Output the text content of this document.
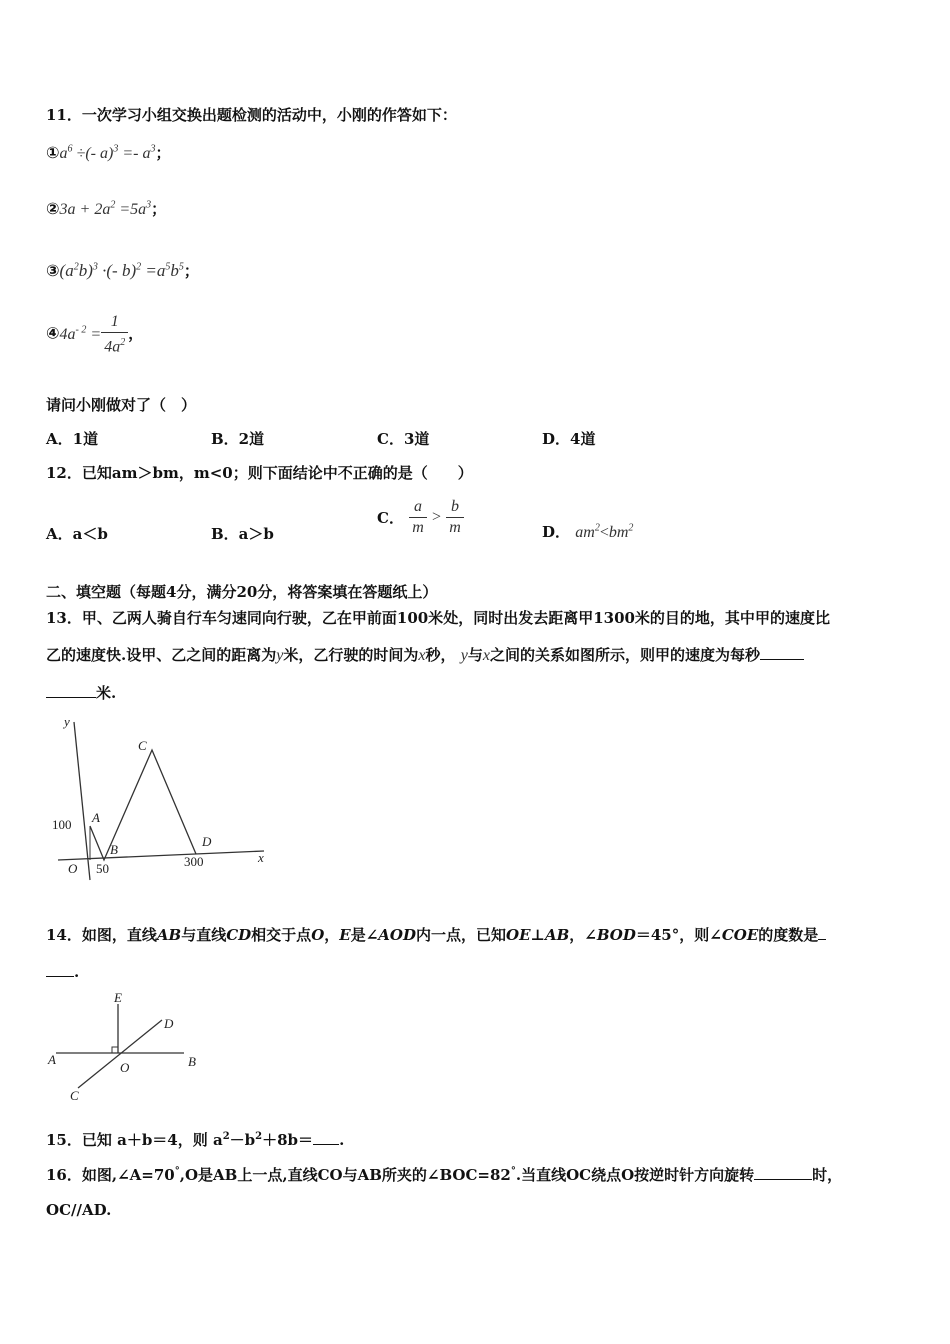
11．一次学习小组交换出题检测的活动中，小刚的作答如下：
$①a^6$ ÷(- $a)^3 =- a^3$；
②3a + $2a^2 =5a^3$；
$③(a^2b)^3$ ·(- $b)^2 =a^5b^5$；
$④4a^{- 2} = \frac{1}{4a^2}$ ，
请问小刚做对了（　）
A．1道	B．2道	C．3道	D．4道
12．已知am＞bm，m<0；则下面结论中不正确的是（　　）
A．a＜b	B．a＞b
C． $\frac{a}{m} > \frac{b}{m}$	D． $am^2<bm^2$
二、填空题（每题4分，满分20分，将答案填在答题纸上）
13．甲、乙两人骑自行车匀速同向行驶，乙在甲前面100米处，同时出发去距离甲1300米的目的地，其中甲的速度比
乙的速度快.设甲、乙之间的距离为y米，乙行驶的时间为x秒， y与x之间的关系如图所示，则甲的速度为每秒
米.
y
x
A
B
C
D
O
100
50	300
14．如图，直线AB与直线CD相交于点O，E是∠AOD内一点，已知OE⊥AB，∠BOD＝45°，则∠COE的度数是
.
A	B
C
D
E
O
15．已知 a＋b＝4，则 $a^2-b^2+8b=$ .
16．如图,∠A=70°,O是AB上一点,直线CO与AB所夹的∠BOC=82°.当直线OC绕点O按逆时针方向旋转	时，
OC//AD.
